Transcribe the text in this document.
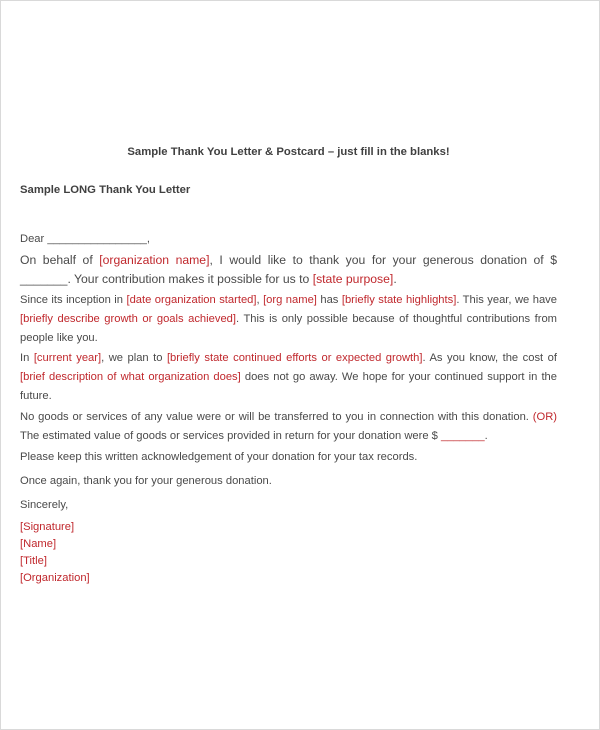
Sample Thank You Letter & Postcard – just fill in the blanks!
Sample LONG Thank You Letter

Dear ________________,

On behalf of [organization name], I would like to thank you for your generous donation of $ _______. Your contribution makes it possible for us to [state purpose].

Since its inception in [date organization started], [org name] has [briefly state highlights]. This year, we have [briefly describe growth or goals achieved]. This is only possible because of thoughtful contributions from people like you.

In [current year], we plan to [briefly state continued efforts or expected growth]. As you know, the cost of [brief description of what organization does] does not go away. We hope for your continued support in the future.

No goods or services of any value were or will be transferred to you in connection with this donation. (OR) The estimated value of goods or services provided in return for your donation were $ _______.

Please keep this written acknowledgement of your donation for your tax records.

Once again, thank you for your generous donation.

Sincerely,

[Signature]

[Name]

[Title]

[Organization]
